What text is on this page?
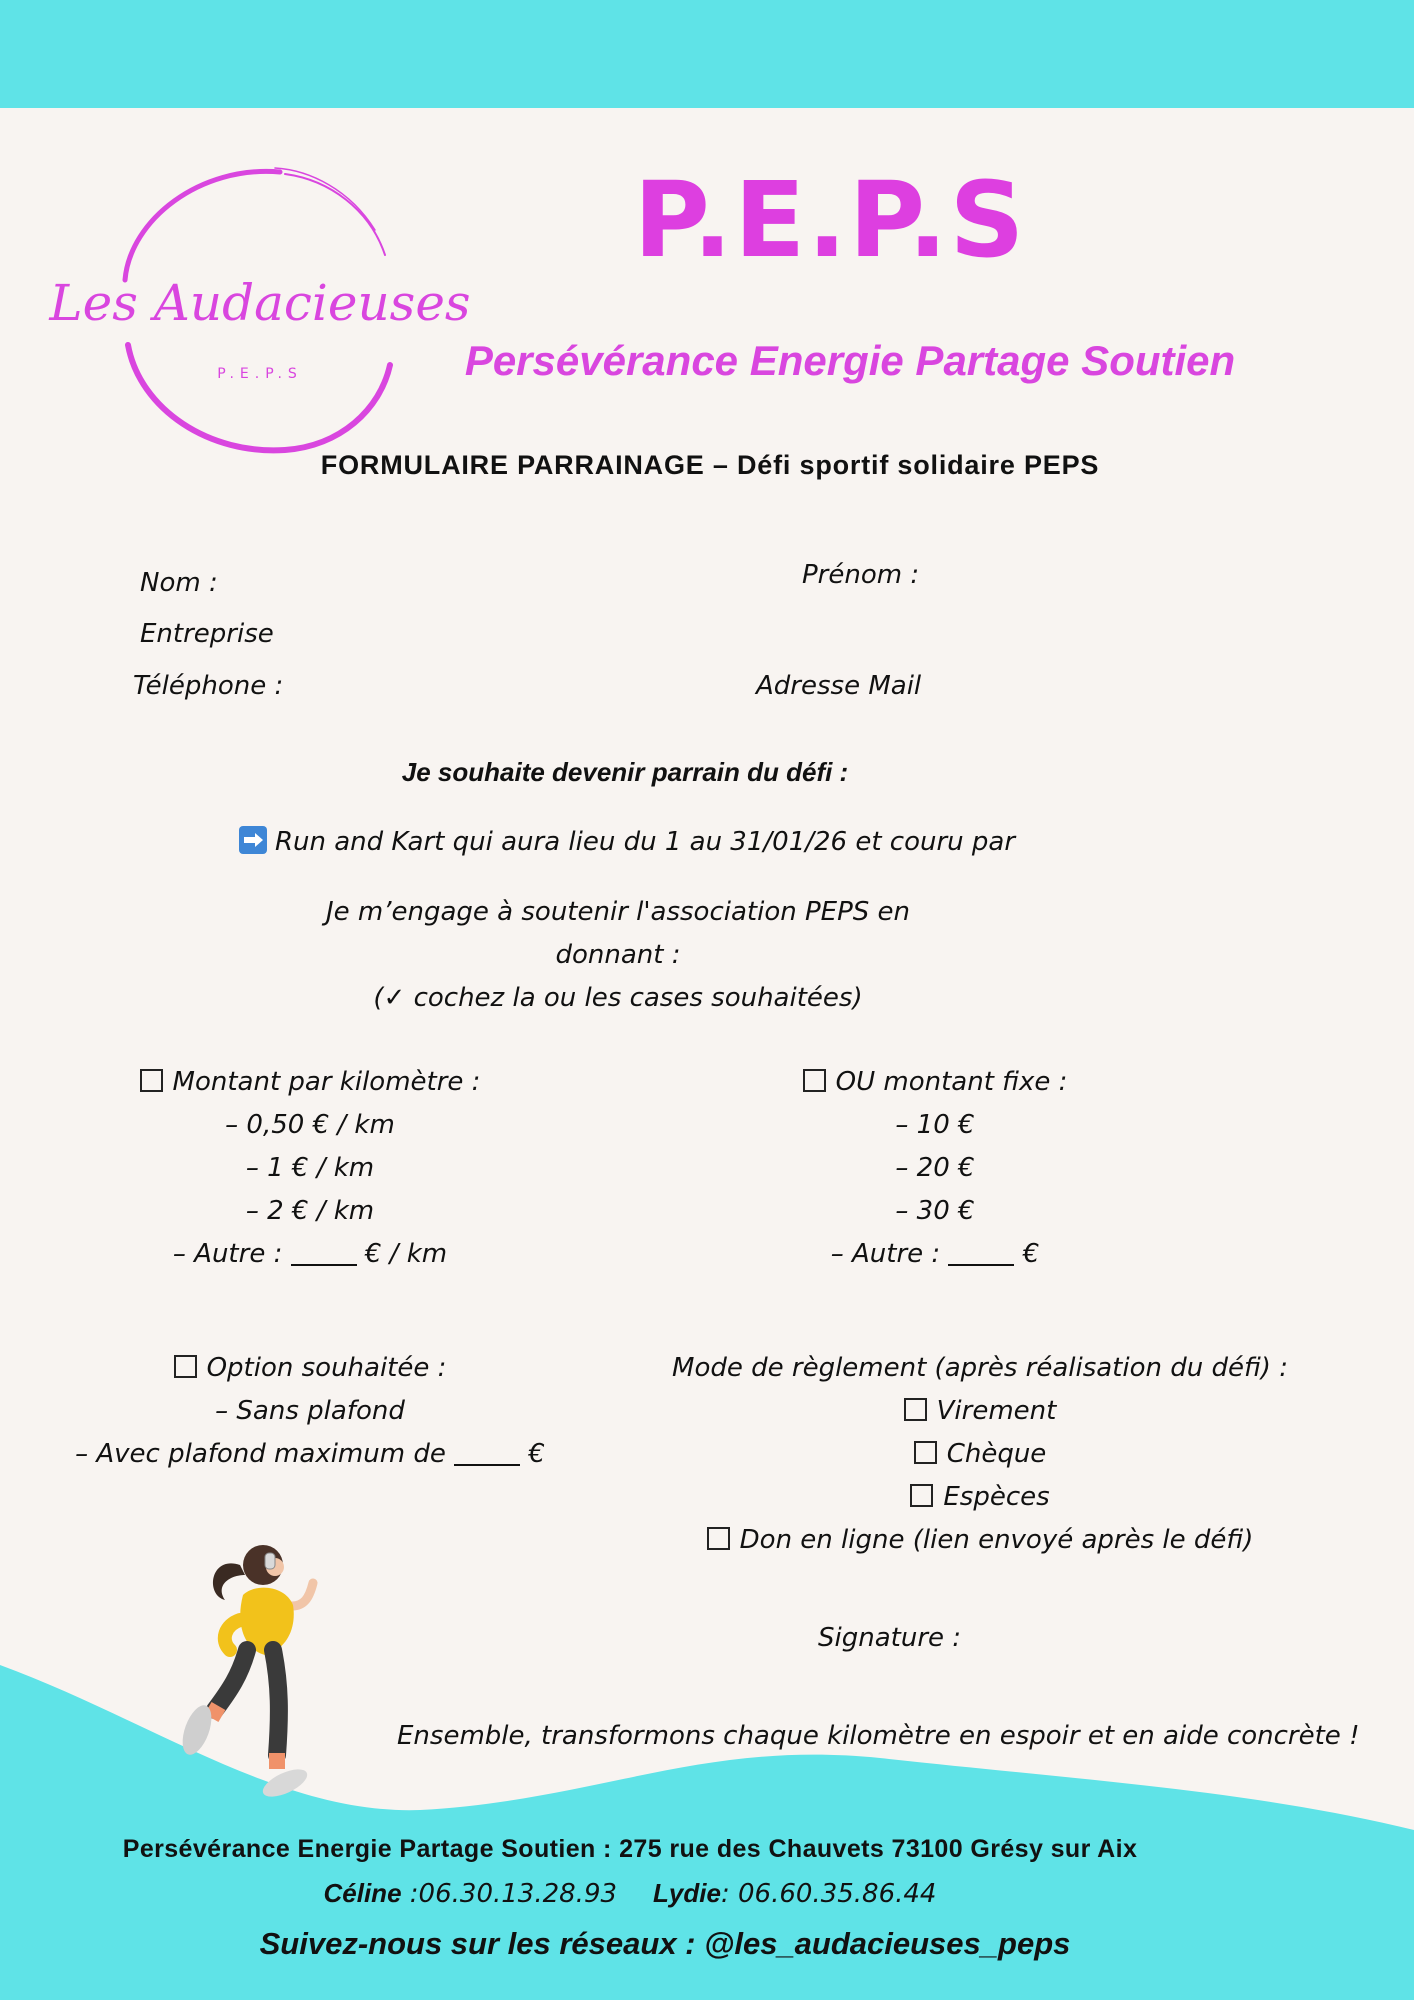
Les Audacieuses
P.E.P.S
P.E.P.S
Persévérance Energie Partage Soutien
FORMULAIRE PARRAINAGE – Défi sportif solidaire PEPS
Nom :	Prénom :
Entreprise
Téléphone :	Adresse Mail
Je souhaite devenir parrain du défi :
Run and Kart qui aura lieu du 1 au 31/01/26 et couru par
Je m’engage à soutenir l'association PEPS en
donnant :
(✓ cochez la ou les cases souhaitées)
Montant par kilomètre :
– 0,50 € / km
– 1 € / km
– 2 € / km
– Autre :	€ / km
OU montant fixe :
– 10 €
– 20 €
– 30 €
– Autre :	€
Option souhaitée :
– Sans plafond
– Avec plafond maximum de	€
Mode de règlement (après réalisation du défi) :
Virement
Chèque
Espèces
Don en ligne (lien envoyé après le défi)
Signature :
Ensemble, transformons chaque kilomètre en espoir et en aide concrète !
Persévérance Energie Partage Soutien : 275 rue des Chauvets 73100 Grésy sur Aix
Céline :06.30.13.28.93 Lydie: 06.60.35.86.44
Suivez-nous sur les réseaux : @les_audacieuses_peps
